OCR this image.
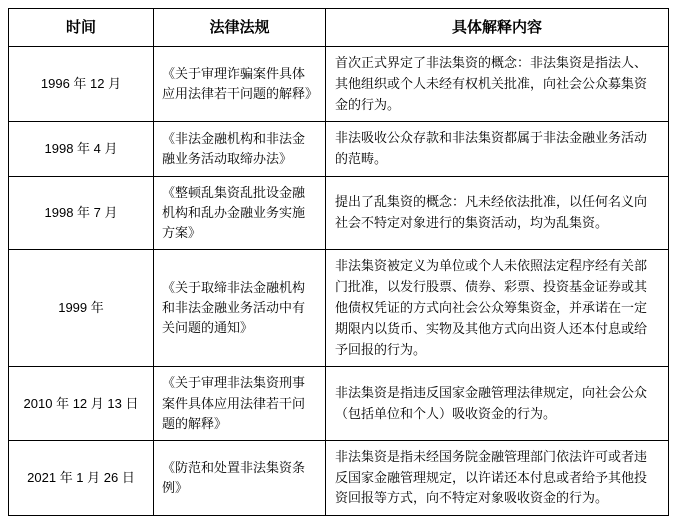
时间	法律法规	具体解释内容
1996 年 12 月	《关于审理诈骗案件具体应用法律若干问题的解释》	首次正式界定了非法集资的概念：非法集资是指法人、其他组织或个人未经有权机关批准，向社会公众募集资金的行为。
1998 年 4 月	《非法金融机构和非法金融业务活动取缔办法》	非法吸收公众存款和非法集资都属于非法金融业务活动的范畴。
1998 年 7 月	《整顿乱集资乱批设金融机构和乱办金融业务实施方案》	提出了乱集资的概念：凡未经依法批准，以任何名义向社会不特定对象进行的集资活动，均为乱集资。
1999 年	《关于取缔非法金融机构和非法金融业务活动中有关问题的通知》	非法集资被定义为单位或个人未依照法定程序经有关部门批准，以发行股票、债券、彩票、投资基金证券或其他债权凭证的方式向社会公众筹集资金，并承诺在一定期限内以货币、实物及其他方式向出资人还本付息或给予回报的行为。
2010 年 12 月 13 日	《关于审理非法集资刑事案件具体应用法律若干问题的解释》	非法集资是指违反国家金融管理法律规定，向社会公众（包括单位和个人）吸收资金的行为。
2021 年 1 月 26 日	《防范和处置非法集资条例》	非法集资是指未经国务院金融管理部门依法许可或者违反国家金融管理规定，以许诺还本付息或者给予其他投资回报等方式，向不特定对象吸收资金的行为。
